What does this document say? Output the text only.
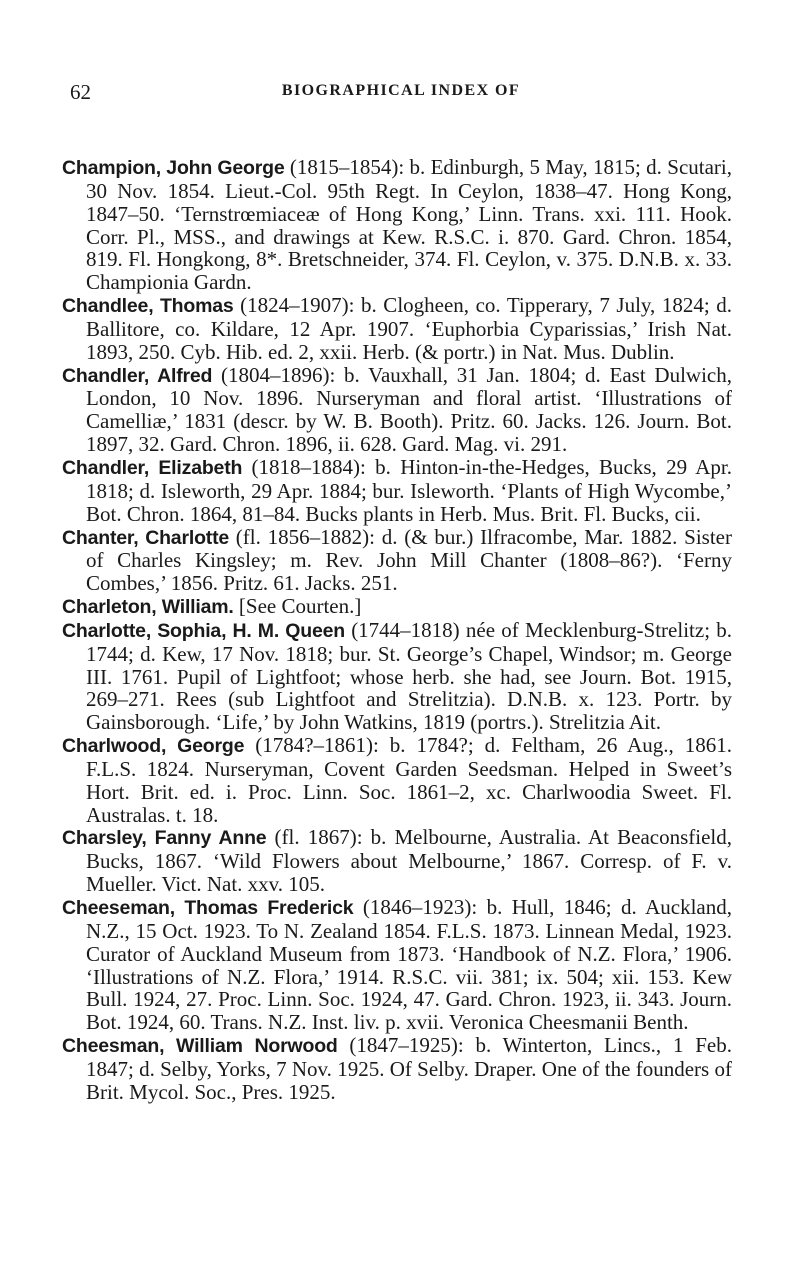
62	BIOGRAPHICAL INDEX OF

Champion, John George (1815–1854): b. Edinburgh, 5 May, 1815; d. Scutari, 30 Nov. 1854. Lieut.-Col. 95th Regt. In Ceylon, 1838–47. Hong Kong, 1847–50. ‘Ternstrœmiaceæ of Hong Kong,’ Linn. Trans. xxi. 111. Hook. Corr. Pl., MSS., and drawings at Kew. R.S.C. i. 870. Gard. Chron. 1854, 819. Fl. Hongkong, 8*. Bretschneider, 374. Fl. Ceylon, v. 375. D.N.B. x. 33. Championia Gardn.

Chandlee, Thomas (1824–1907): b. Clogheen, co. Tipperary, 7 July, 1824; d. Ballitore, co. Kildare, 12 Apr. 1907. ‘Euphorbia Cyparissias,’ Irish Nat. 1893, 250. Cyb. Hib. ed. 2, xxii. Herb. (& portr.) in Nat. Mus. Dublin.

Chandler, Alfred (1804–1896): b. Vauxhall, 31 Jan. 1804; d. East Dulwich, London, 10 Nov. 1896. Nurseryman and floral artist. ‘Illustrations of Camelliæ,’ 1831 (descr. by W. B. Booth). Pritz. 60. Jacks. 126. Journ. Bot. 1897, 32. Gard. Chron. 1896, ii. 628. Gard. Mag. vi. 291.

Chandler, Elizabeth (1818–1884): b. Hinton-in-the-Hedges, Bucks, 29 Apr. 1818; d. Isleworth, 29 Apr. 1884; bur. Isleworth. ‘Plants of High Wycombe,’ Bot. Chron. 1864, 81–84. Bucks plants in Herb. Mus. Brit. Fl. Bucks, cii.

Chanter, Charlotte (fl. 1856–1882): d. (& bur.) Ilfracombe, Mar. 1882. Sister of Charles Kingsley; m. Rev. John Mill Chanter (1808–86?). ‘Ferny Combes,’ 1856. Pritz. 61. Jacks. 251.

Charleton, William. [See Courten.]

Charlotte, Sophia, H. M. Queen (1744–1818) née of Mecklenburg-Strelitz; b. 1744; d. Kew, 17 Nov. 1818; bur. St. George’s Chapel, Windsor; m. George III. 1761. Pupil of Lightfoot; whose herb. she had, see Journ. Bot. 1915, 269–271. Rees (sub Lightfoot and Strelitzia). D.N.B. x. 123. Portr. by Gainsborough. ‘Life,’ by John Watkins, 1819 (portrs.). Strelitzia Ait.

Charlwood, George (1784?–1861): b. 1784?; d. Feltham, 26 Aug., 1861. F.L.S. 1824. Nurseryman, Covent Garden Seedsman. Helped in Sweet’s Hort. Brit. ed. i. Proc. Linn. Soc. 1861–2, xc. Charlwoodia Sweet. Fl. Australas. t. 18.

Charsley, Fanny Anne (fl. 1867): b. Melbourne, Australia. At Beaconsfield, Bucks, 1867. ‘Wild Flowers about Melbourne,’ 1867. Corresp. of F. v. Mueller. Vict. Nat. xxv. 105.

Cheeseman, Thomas Frederick (1846–1923): b. Hull, 1846; d. Auckland, N.Z., 15 Oct. 1923. To N. Zealand 1854. F.L.S. 1873. Linnean Medal, 1923. Curator of Auckland Museum from 1873. ‘Handbook of N.Z. Flora,’ 1906. ‘Illustrations of N.Z. Flora,’ 1914. R.S.C. vii. 381; ix. 504; xii. 153. Kew Bull. 1924, 27. Proc. Linn. Soc. 1924, 47. Gard. Chron. 1923, ii. 343. Journ. Bot. 1924, 60. Trans. N.Z. Inst. liv. p. xvii. Veronica Cheesmanii Benth.

Cheesman, William Norwood (1847–1925): b. Winterton, Lincs., 1 Feb. 1847; d. Selby, Yorks, 7 Nov. 1925. Of Selby. Draper. One of the founders of Brit. Mycol. Soc., Pres. 1925.
